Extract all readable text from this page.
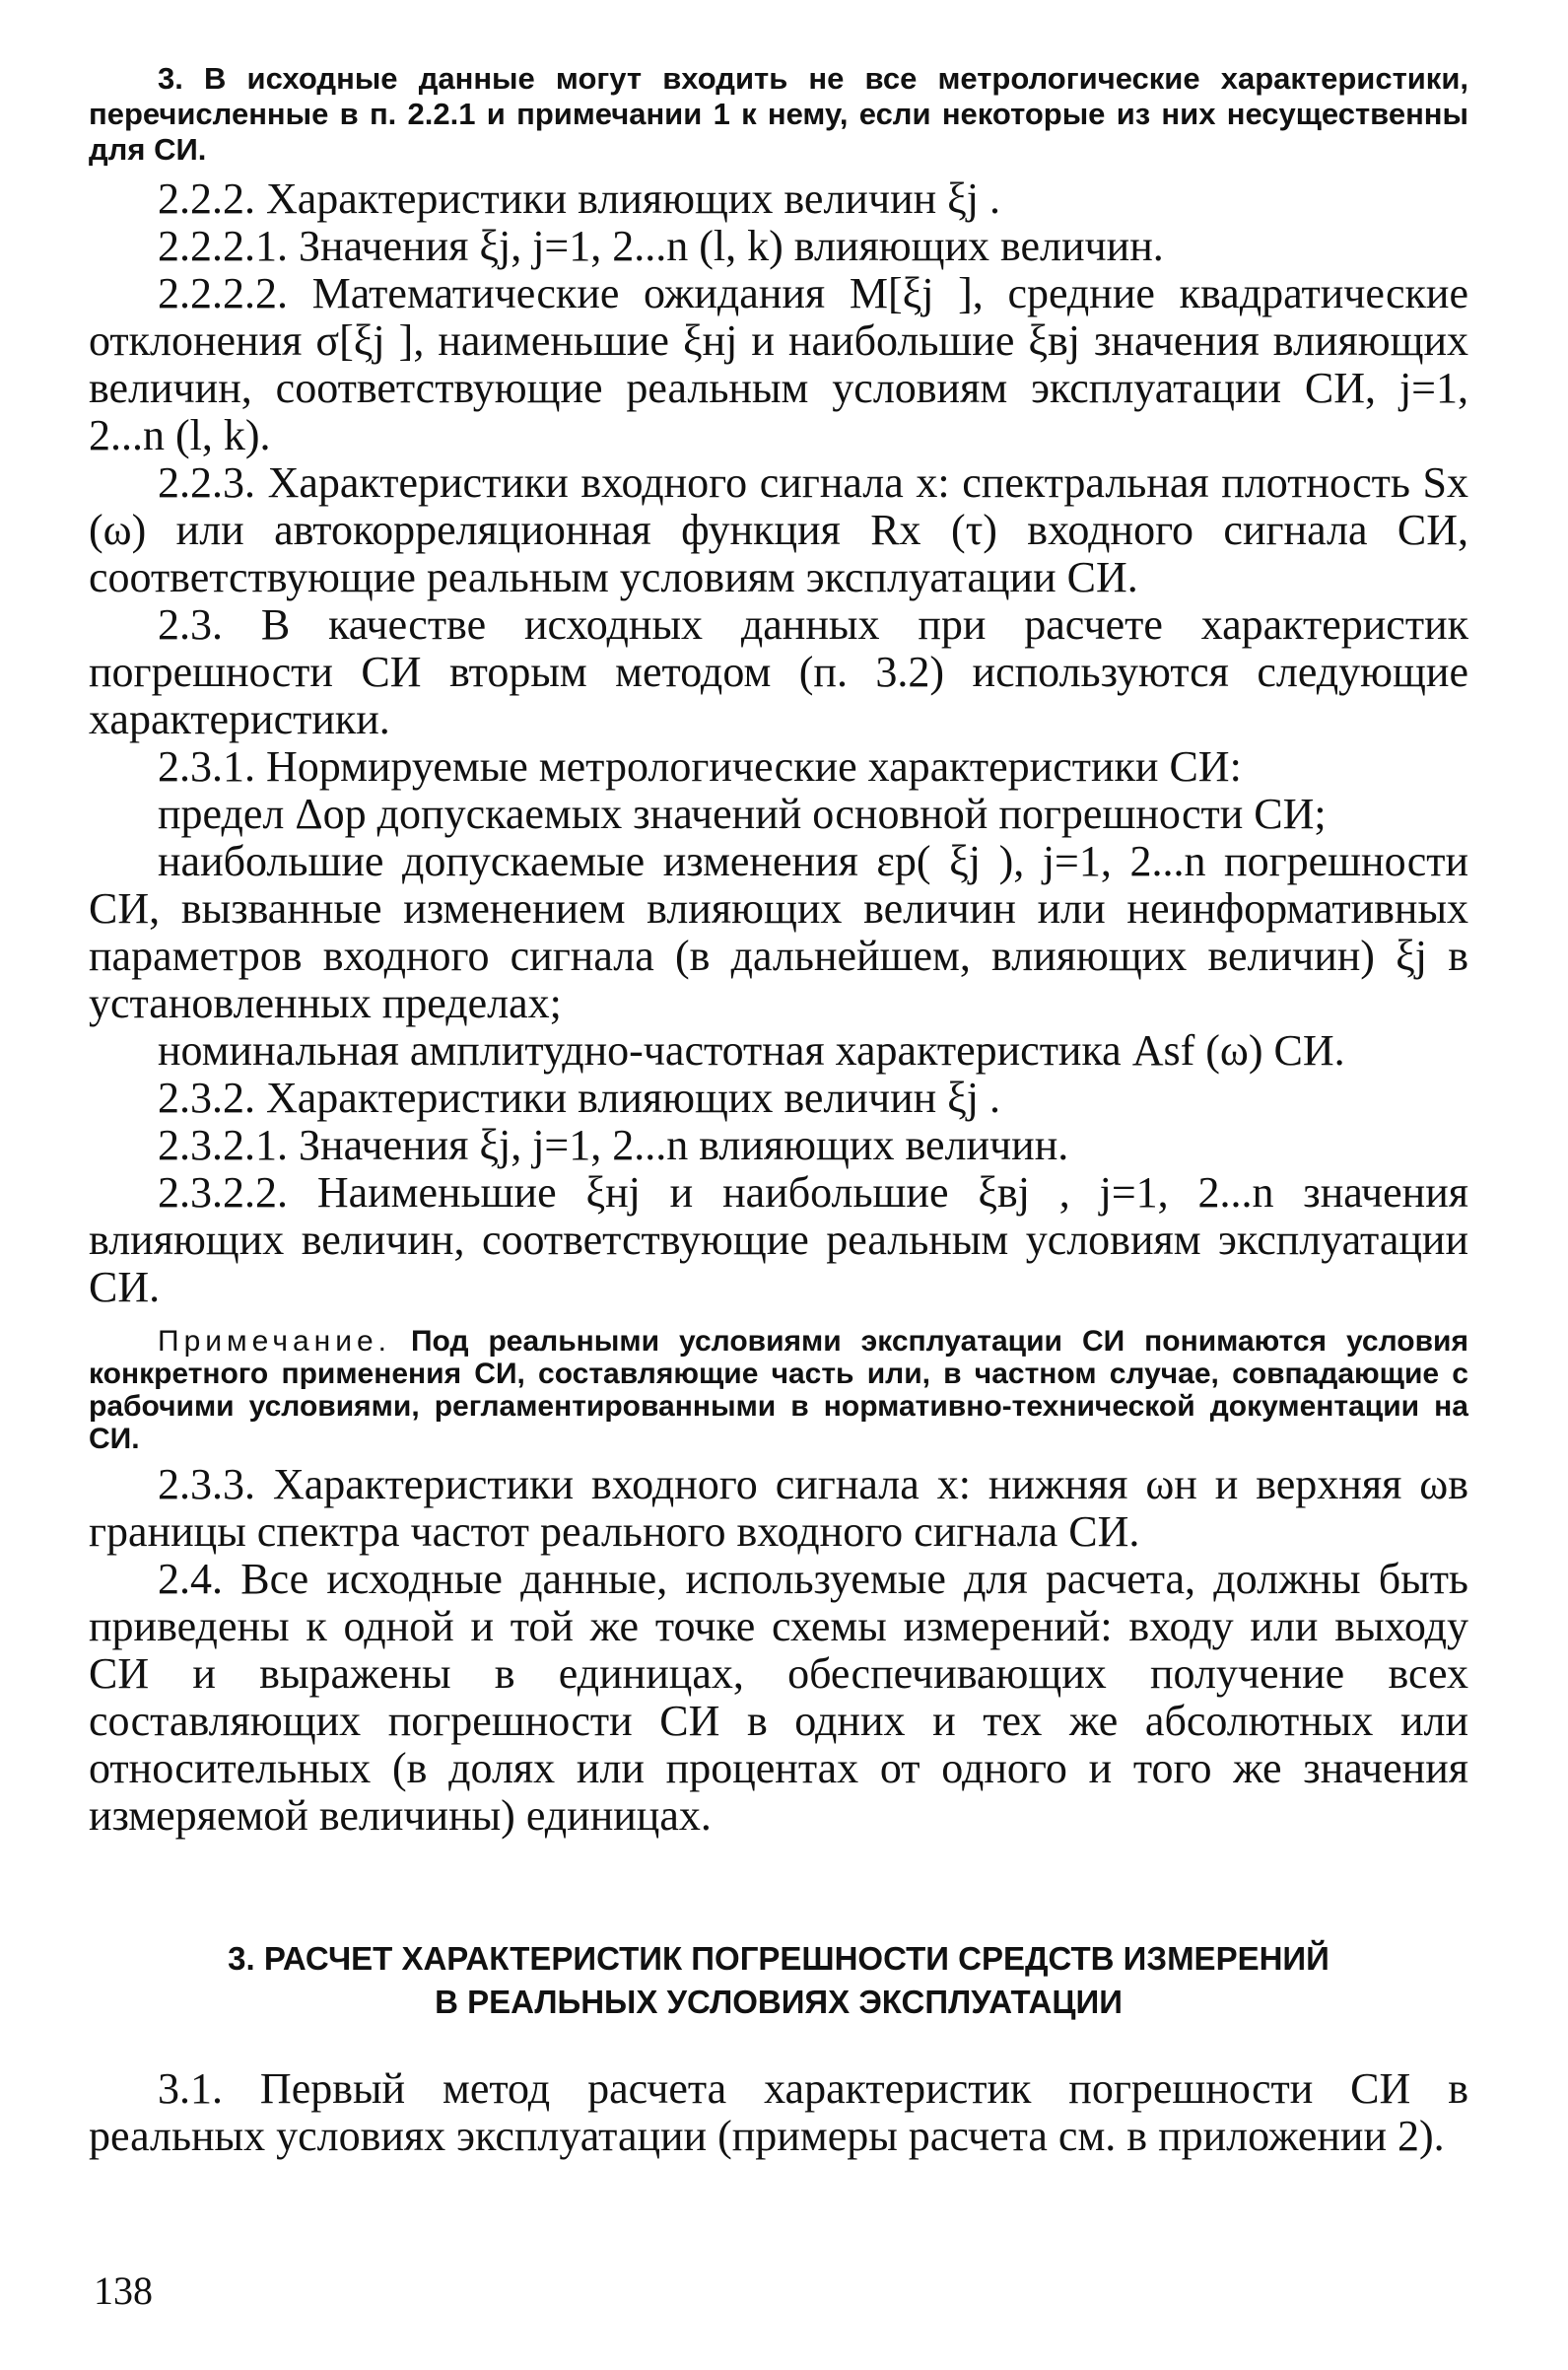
3. В исходные данные могут входить не все метрологические характеристики, перечисленные в п. 2.2.1 и примечании 1 к нему, если некоторые из них несущественны для СИ.

2.2.2. Характеристики влияющих величин ξj .

2.2.2.1. Значения ξj, j=1, 2...n (l, k) влияющих величин.

2.2.2.2. Математические ожидания M[ξj ], средние квадратические отклонения σ[ξj ], наименьшие ξнj и наибольшие ξвj значения влияющих величин, соответствующие реальным условиям эксплуатации СИ, j=1, 2...n (l, k).

2.2.3. Характеристики входного сигнала x: спектральная плотность Sx (ω) или автокорреляционная функция Rx (τ) входного сигнала СИ, соответствующие реальным условиям эксплуатации СИ.

2.3. В качестве исходных данных при расчете характеристик погрешности СИ вторым методом (п. 3.2) используются следующие характеристики.

2.3.1. Нормируемые метрологические характеристики СИ:

предел Δop допускаемых значений основной погрешности СИ;

наибольшие допускаемые изменения εp( ξj ), j=1, 2...n погрешности СИ, вызванные изменением влияющих величин или неинформативных параметров входного сигнала (в дальнейшем, влияющих величин) ξj в установленных пределах;

номинальная амплитудно-частотная характеристика Asf (ω) СИ.

2.3.2. Характеристики влияющих величин ξj .

2.3.2.1. Значения ξj, j=1, 2...n влияющих величин.

2.3.2.2. Наименьшие ξнj и наибольшие ξвj , j=1, 2...n значения влияющих величин, соответствующие реальным условиям эксплуатации СИ.

Примечание. Под реальными условиями эксплуатации СИ понимаются условия конкретного применения СИ, составляющие часть или, в частном случае, совпадающие с рабочими условиями, регламентированными в нормативно-технической документации на СИ.

2.3.3. Характеристики входного сигнала x: нижняя ωн и верхняя ωв границы спектра частот реального входного сигнала СИ.

2.4. Все исходные данные, используемые для расчета, должны быть приведены к одной и той же точке схемы измерений: входу или выходу СИ и выражены в единицах, обеспечивающих получение всех составляющих погрешности СИ в одних и тех же абсолютных или относительных (в долях или процентах от одного и того же значения измеряемой величины) единицах.

3. РАСЧЕТ ХАРАКТЕРИСТИК ПОГРЕШНОСТИ СРЕДСТВ ИЗМЕРЕНИЙ
В РЕАЛЬНЫХ УСЛОВИЯХ ЭКСПЛУАТАЦИИ

3.1. Первый метод расчета характеристик погрешности СИ в реальных условиях эксплуатации (примеры расчета см. в приложении 2).

138
